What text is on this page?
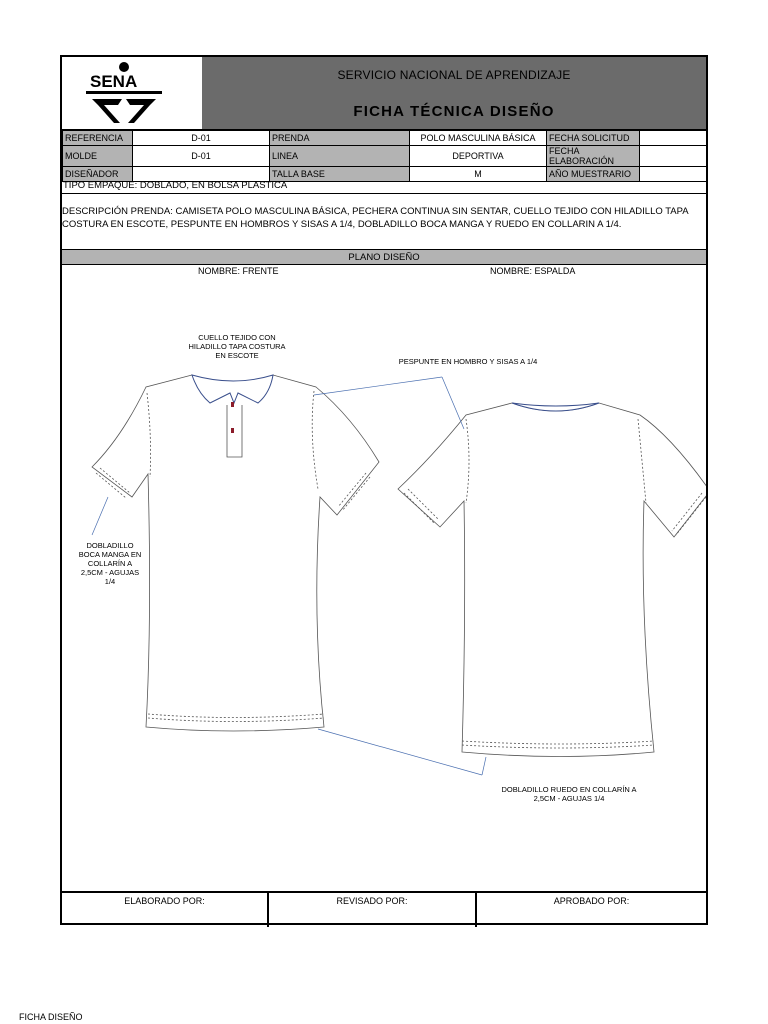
SENA	SERVICIO NACIONAL DE APRENDIZAJE
FICHA TÉCNICA DISEÑO
REFERENCIA	D-01	PRENDA	POLO MASCULINA BÁSICA	FECHA SOLICITUD	
MOLDE	D-01	LINEA	DEPORTIVA	FECHA ELABORACIÓN	
DISEÑADOR		TALLA BASE	M	AÑO MUESTRARIO	
TIPO EMPAQUE: DOBLADO, EN BOLSA PLASTICA
DESCRIPCIÓN PRENDA: CAMISETA POLO MASCULINA BÁSICA, PECHERA CONTINUA SIN SENTAR, CUELLO TEJIDO CON HILADILLO TAPA COSTURA EN ESCOTE, PESPUNTE EN HOMBROS Y SISAS A 1/4, DOBLADILLO BOCA MANGA Y RUEDO EN COLLARIN A 1/4.
PLANO DISEÑO
NOMBRE: FRENTE	NOMBRE: ESPALDA
CUELLO TEJIDO CON
HILADILLO TAPA COSTURA
EN ESCOTE
PESPUNTE EN HOMBRO Y SISAS A 1/4
DOBLADILLO
BOCA MANGA EN
COLLARÍN A
2,5CM - AGUJAS
1/4
DOBLADILLO RUEDO EN COLLARÍN A
2,5CM - AGUJAS 1/4
ELABORADO POR:	REVISADO POR:	APROBADO POR:
FICHA DISEÑO
